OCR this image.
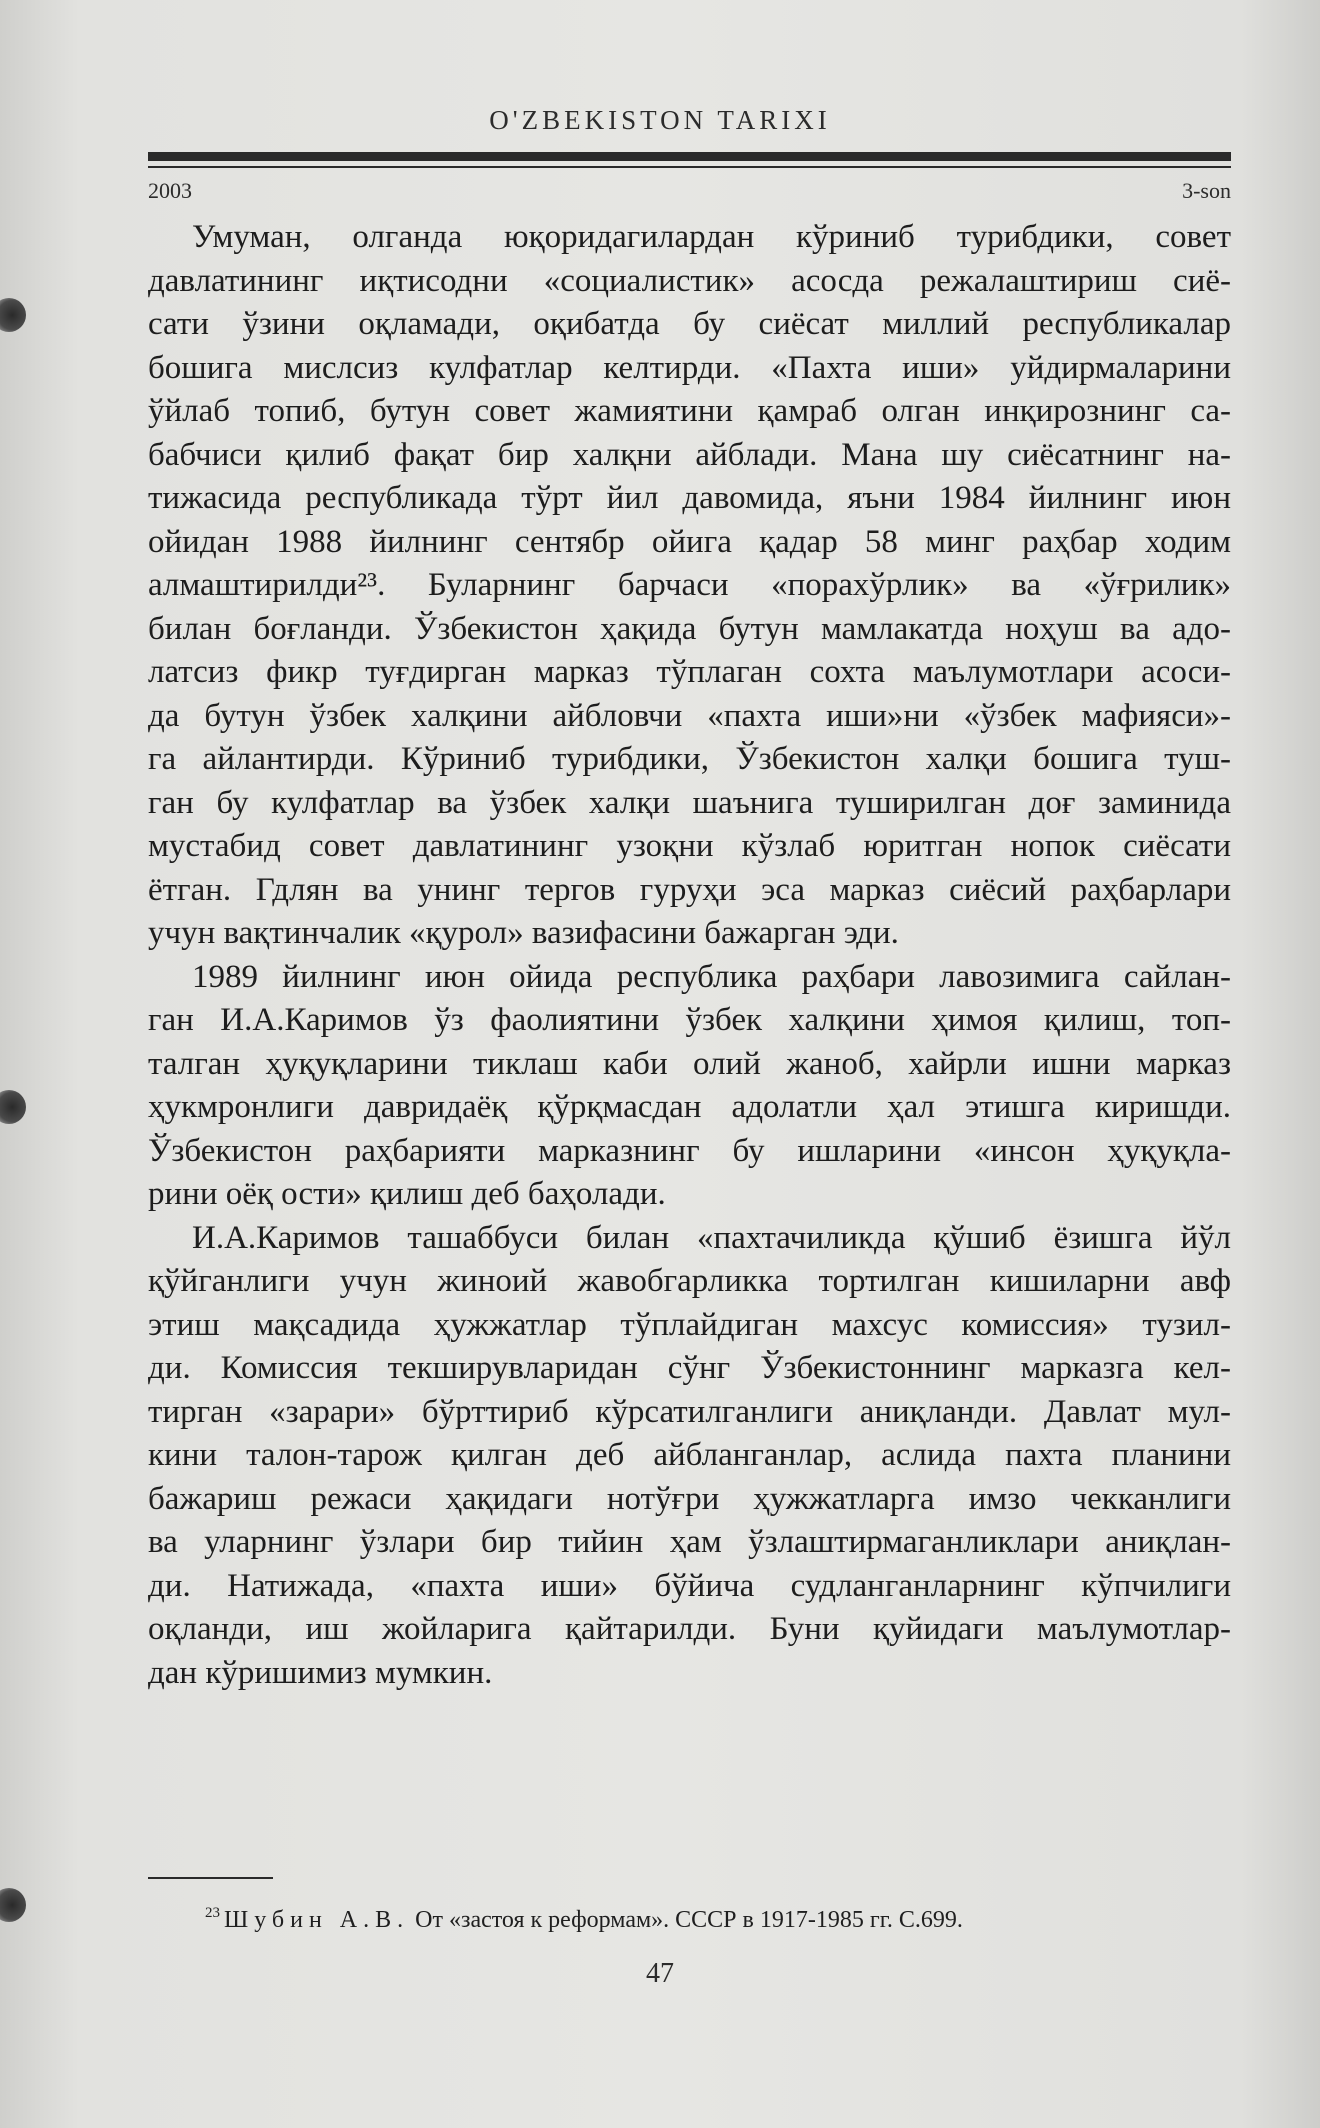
O'ZBEKISTON TARIXI
2003	3-son
Умуман, олганда юқоридагилардан кўриниб турибдики, совет
давлатининг иқтисодни «социалистик» асосда режалаштириш сиё-
сати ўзини оқламади, оқибатда бу сиёсат миллий республикалар
бошига мислсиз кулфатлар келтирди. «Пахта иши» уйдирмаларини
ўйлаб топиб, бутун совет жамиятини қамраб олган инқирознинг са-
бабчиси қилиб фақат бир халқни айблади. Мана шу сиёсатнинг на-
тижасида республикада тўрт йил давомида, яъни 1984 йилнинг июн
ойидан 1988 йилнинг сентябр ойига қадар 58 минг раҳбар ходим
алмаштирилди²³. Буларнинг барчаси «порахўрлик» ва «ўғрилик»
билан боғланди. Ўзбекистон ҳақида бутун мамлакатда ноҳуш ва адо-
латсиз фикр туғдирган марказ тўплаган сохта маълумотлари асоси-
да бутун ўзбек халқини айбловчи «пахта иши»ни «ўзбек мафияси»-
га айлантирди. Кўриниб турибдики, Ўзбекистон халқи бошига туш-
ган бу кулфатлар ва ўзбек халқи шаънига туширилган доғ заминида
мустабид совет давлатининг узоқни кўзлаб юритган нопок сиёсати
ётган. Гдлян ва унинг тергов гуруҳи эса марказ сиёсий раҳбарлари
учун вақтинчалик «қурол» вазифасини бажарган эди.
1989 йилнинг июн ойида республика раҳбари лавозимига сайлан-
ган И.А.Каримов ўз фаолиятини ўзбек халқини ҳимоя қилиш, топ-
талган ҳуқуқларини тиклаш каби олий жаноб, хайрли ишни марказ
ҳукмронлиги давридаёқ қўрқмасдан адолатли ҳал этишга киришди.
Ўзбекистон раҳбарияти марказнинг бу ишларини «инсон ҳуқуқла-
рини оёқ ости» қилиш деб баҳолади.
И.А.Каримов ташаббуси билан «пахтачиликда қўшиб ёзишга йўл
қўйганлиги учун жиноий жавобгарликка тортилган кишиларни авф
этиш мақсадида ҳужжатлар тўплайдиган махсус комиссия» тузил-
ди. Комиссия текширувларидан сўнг Ўзбекистоннинг марказга кел-
тирган «зарари» бўрттириб кўрсатилганлиги аниқланди. Давлат мул-
кини талон-тарож қилган деб айбланганлар, аслида пахта планини
бажариш режаси ҳақидаги нотўғри ҳужжатларга имзо чекканлиги
ва уларнинг ўзлари бир тийин ҳам ўзлаштирмаганликлари аниқлан-
ди. Натижада, «пахта иши» бўйича судланганларнинг кўпчилиги
оқланди, иш жойларига қайтарилди. Буни қуйидаги маълумотлар-
дан кўришимиз мумкин.
$^{23}$ Шубин А.В. От «застоя к реформам». СССР в 1917-1985 гг. С.699.
47
